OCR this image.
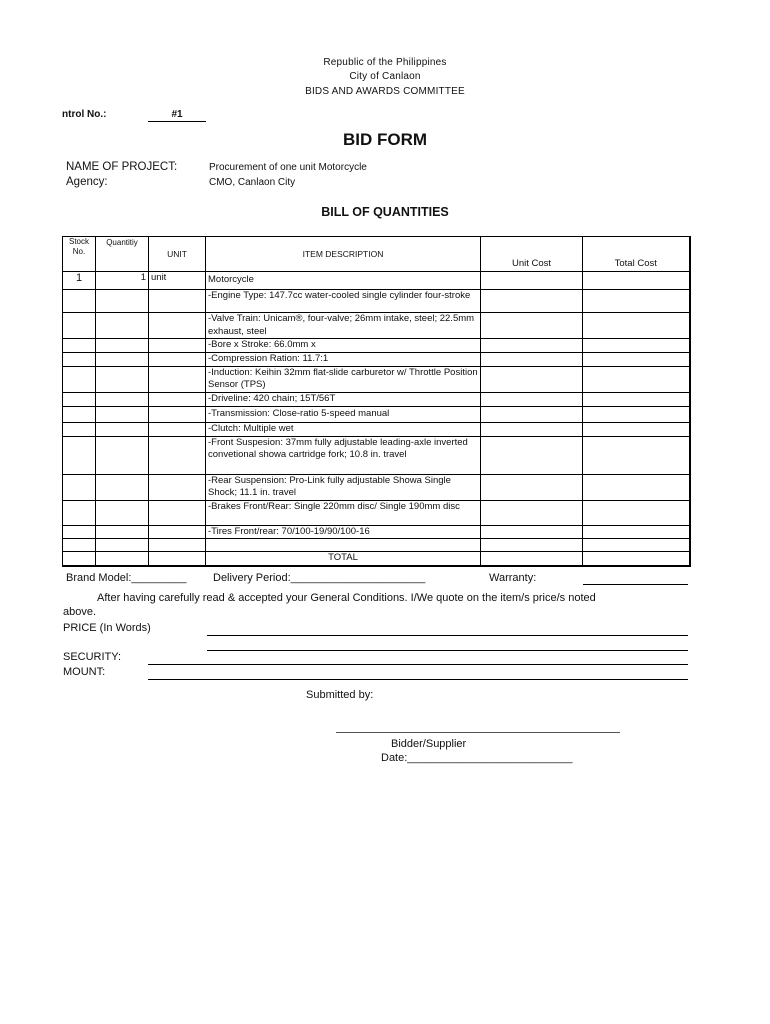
Republic of the Philippines
City of Canlaon
BIDS AND AWARDS COMMITTEE
ntrol No.:	#1
BID FORM
NAME OF PROJECT:	Procurement of one unit Motorcycle
Agency:	CMO, Canlaon City
BILL OF QUANTITIES
Stock No.	Quantitiy	UNIT	ITEM DESCRIPTION	Unit Cost	Total Cost
1	1	unit	Motorcycle		
			-Engine Type: 147.7cc water-cooled single cylinder four-stroke		
			-Valve Train: Unicam®, four-valve; 26mm intake, steel; 22.5mm exhaust, steel		
			-Bore x Stroke: 66.0mm x		
			-Compression Ration: 11.7:1		
			-Induction: Keihin 32mm flat-slide carburetor w/ Throttle Position Sensor (TPS)		
			-Driveline: 420 chain; 15T/56T		
			-Transmission: Close-ratio 5-speed manual		
			-Clutch: Multiple wet		
			-Front Suspesion: 37mm fully adjustable leading-axle inverted convetional showa cartridge fork; 10.8 in. travel		
			-Rear Suspension: Pro-Link fully adjustable Showa Single Shock; 11.1 in. travel		
			-Brakes Front/Rear: Single 220mm disc/ Single 190mm disc		
			-Tires Front/rear: 70/100-19/90/100-16		

			TOTAL		
Brand Model:_________ Delivery Period:______________________	Warranty:
After having carefully read & accepted your General Conditions. I/We quote on the item/s price/s noted
above.
PRICE (In Words)
SECURITY:
MOUNT:
Submitted by:
Bidder/Supplier
Date:___________________________
